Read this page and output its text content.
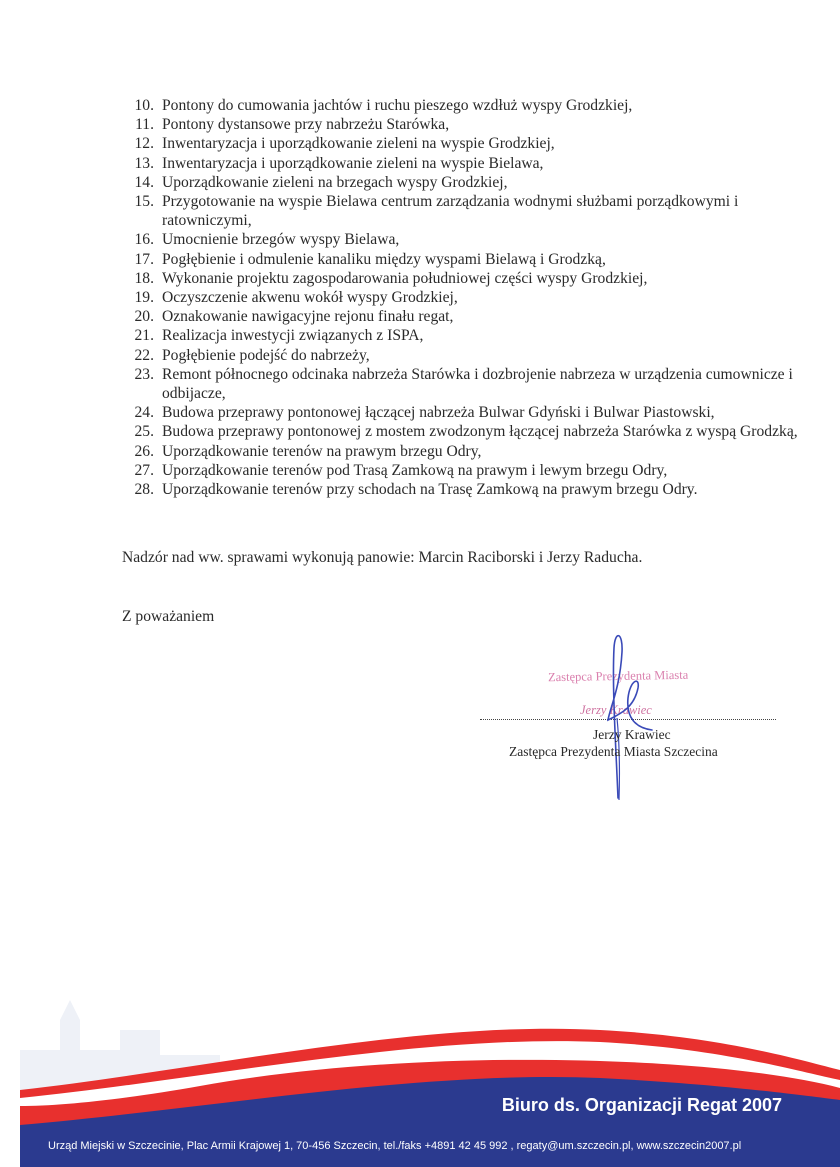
10. Pontony do cumowania jachtów i ruchu pieszego wzdłuż wyspy Grodzkiej,
11. Pontony dystansowe przy nabrzeżu Starówka,
12. Inwentaryzacja i uporządkowanie zieleni na wyspie Grodzkiej,
13. Inwentaryzacja i uporządkowanie zieleni na wyspie Bielawa,
14. Uporządkowanie zieleni na brzegach wyspy Grodzkiej,
15. Przygotowanie na wyspie Bielawa centrum zarządzania wodnymi służbami porządkowymi i ratowniczymi,
16. Umocnienie brzegów wyspy Bielawa,
17. Pogłębienie i odmulenie kanaliku między wyspami Bielawą i Grodzką,
18. Wykonanie projektu zagospodarowania południowej części wyspy Grodzkiej,
19. Oczyszczenie akwenu wokół wyspy Grodzkiej,
20. Oznakowanie nawigacyjne rejonu finału regat,
21. Realizacja inwestycji związanych z ISPA,
22. Pogłębienie podejść do nabrzeży,
23. Remont północnego odcinaka nabrzeża Starówka i dozbrojenie nabrzeza w urządzenia cumownicze i odbijacze,
24. Budowa przeprawy pontonowej łączącej nabrzeża Bulwar Gdyński i Bulwar Piastowski,
25. Budowa przeprawy pontonowej z mostem zwodzonym łączącej nabrzeża Starówka z wyspą Grodzką,
26. Uporządkowanie terenów na prawym brzegu Odry,
27. Uporządkowanie terenów pod Trasą Zamkową na prawym i lewym brzegu Odry,
28. Uporządkowanie terenów przy schodach na Trasę Zamkową na prawym brzegu Odry.
Nadzór nad ww. sprawami wykonują panowie: Marcin Raciborski i Jerzy Raducha.
Z poważaniem
Zastępca Prezydenta Miasta
Jerzy Krawiec
Jerzy Krawiec
Zastępca Prezydenta Miasta Szczecina
Biuro ds. Organizacji Regat 2007
Urząd Miejski w Szczecinie, Plac Armii Krajowej 1, 70-456 Szczecin, tel./faks +4891 42 45 992 , regaty@um.szczecin.pl, www.szczecin2007.pl
